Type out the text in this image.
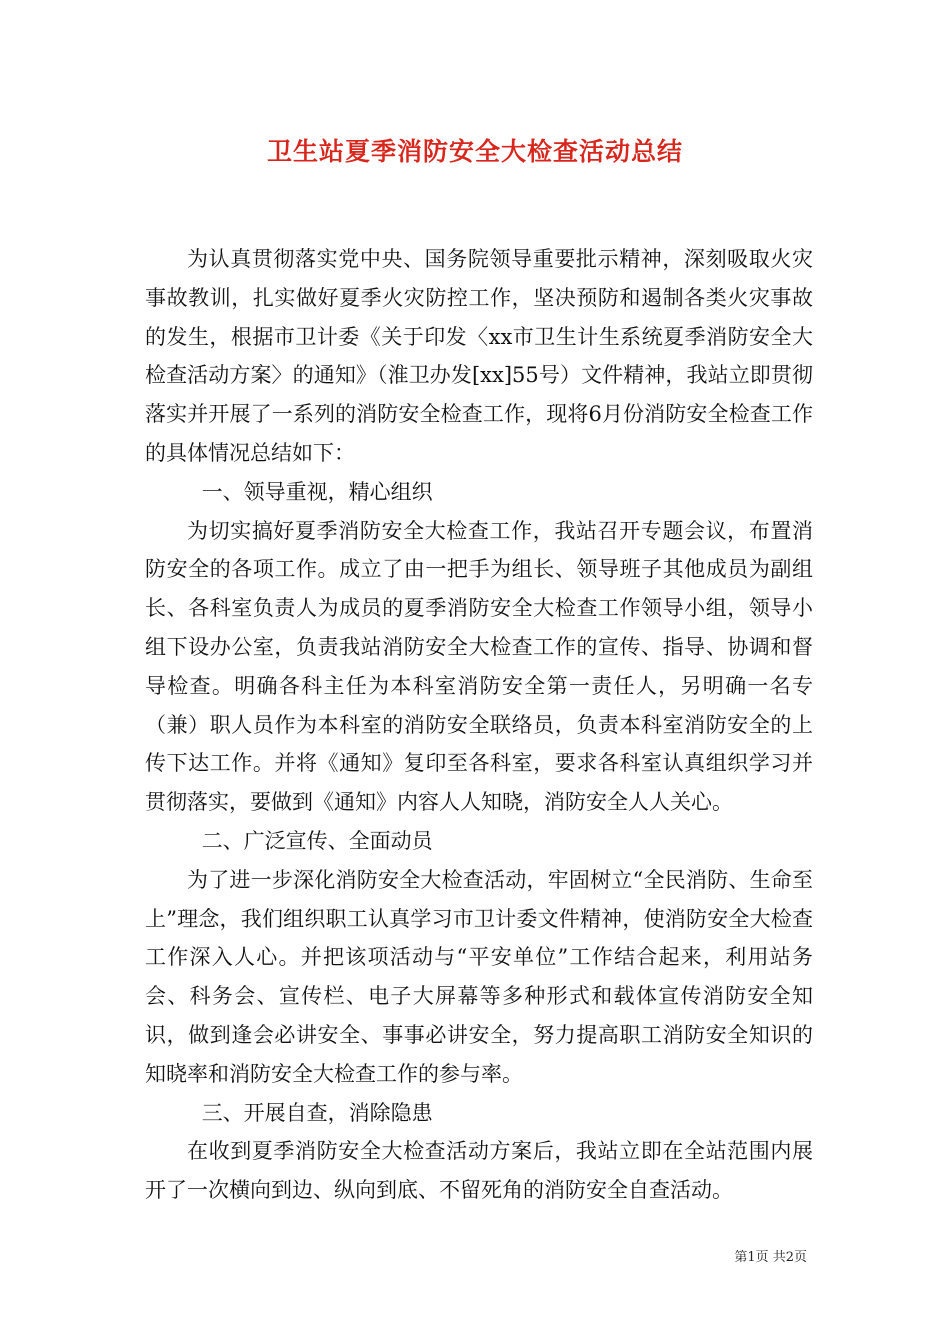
卫生站夏季消防安全大检查活动总结

为认真贯彻落实党中央、国务院领导重要批示精神，深刻吸取火灾事故教训，扎实做好夏季火灾防控工作，坚决预防和遏制各类火灾事故的发生，根据市卫计委《关于印发〈xx市卫生计生系统夏季消防安全大检查活动方案〉的通知》（淮卫办发[xx]55号）文件精神，我站立即贯彻落实并开展了一系列的消防安全检查工作，现将6月份消防安全检查工作的具体情况总结如下：

一、领导重视，精心组织

为切实搞好夏季消防安全大检查工作，我站召开专题会议，布置消防安全的各项工作。成立了由一把手为组长、领导班子其他成员为副组长、各科室负责人为成员的夏季消防安全大检查工作领导小组，领导小组下设办公室，负责我站消防安全大检查工作的宣传、指导、协调和督导检查。明确各科主任为本科室消防安全第一责任人，另明确一名专（兼）职人员作为本科室的消防安全联络员，负责本科室消防安全的上传下达工作。并将《通知》复印至各科室，要求各科室认真组织学习并贯彻落实，要做到《通知》内容人人知晓，消防安全人人关心。

二、广泛宣传、全面动员

为了进一步深化消防安全大检查活动，牢固树立“全民消防、生命至上”理念，我们组织职工认真学习市卫计委文件精神，使消防安全大检查工作深入人心。并把该项活动与“平安单位”工作结合起来，利用站务会、科务会、宣传栏、电子大屏幕等多种形式和载体宣传消防安全知识，做到逢会必讲安全、事事必讲安全，努力提高职工消防安全知识的知晓率和消防安全大检查工作的参与率。

三、开展自查，消除隐患

在收到夏季消防安全大检查活动方案后，我站立即在全站范围内展开了一次横向到边、纵向到底、不留死角的消防安全自查活动。

第1页 共2页
